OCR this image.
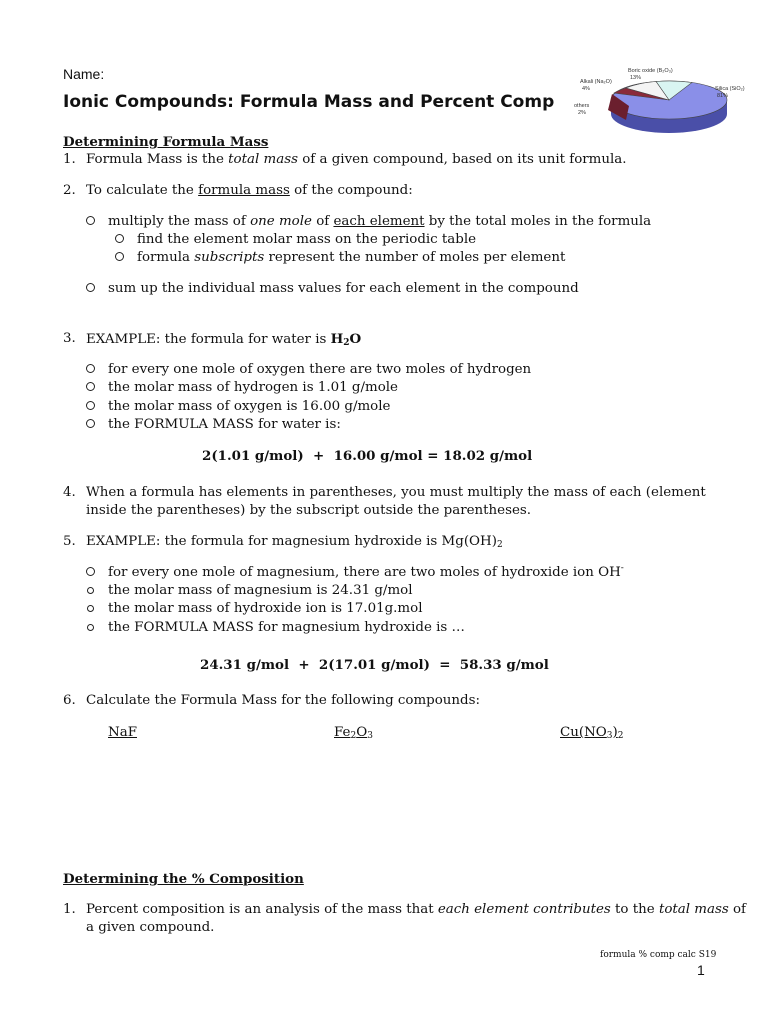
Name:
Ionic Compounds: Formula Mass and Percent Comp
Boric oxide (B₂O₃)
13%
Alkali (Na₂O)
4%
others
2%
Silica (SiO₂)
81%
Determining Formula Mass
1. Formula Mass is the total mass of a given compound, based on its unit formula.
2. To calculate the formula mass of the compound:
multiply the mass of one mole of each element by the total moles in the formula
find the element molar mass on the periodic table
formula subscripts represent the number of moles per element
sum up the individual mass values for each element in the compound
3. EXAMPLE: the formula for water is $H_2O$
for every one mole of oxygen there are two moles of hydrogen
the molar mass of hydrogen is 1.01 g/mole
the molar mass of oxygen is 16.00 g/mole
the FORMULA MASS for water is:
2(1.01 g/mol)  +  16.00 g/mol = 18.02 g/mol
4. When a formula has elements in parentheses, you must multiply the mass of each (element
inside the parentheses) by the subscript outside the parentheses.
5. EXAMPLE: the formula for magnesium hydroxide is $Mg(OH)_2$
for every one mole of magnesium, there are two moles of hydroxide ion OH-
the molar mass of magnesium is 24.31 g/mol
the molar mass of hydroxide ion is 17.01g.mol
the FORMULA MASS for magnesium hydroxide is …
24.31 g/mol  +  2(17.01 g/mol)  =  58.33 g/mol
6. Calculate the Formula Mass for the following compounds:
NaF	$Fe_2O_3$	$Cu(NO_3)_2$
Determining the % Composition
1. Percent composition is an analysis of the mass that each element contributes to the total mass of
a given compound.
formula % comp calc S19
1
